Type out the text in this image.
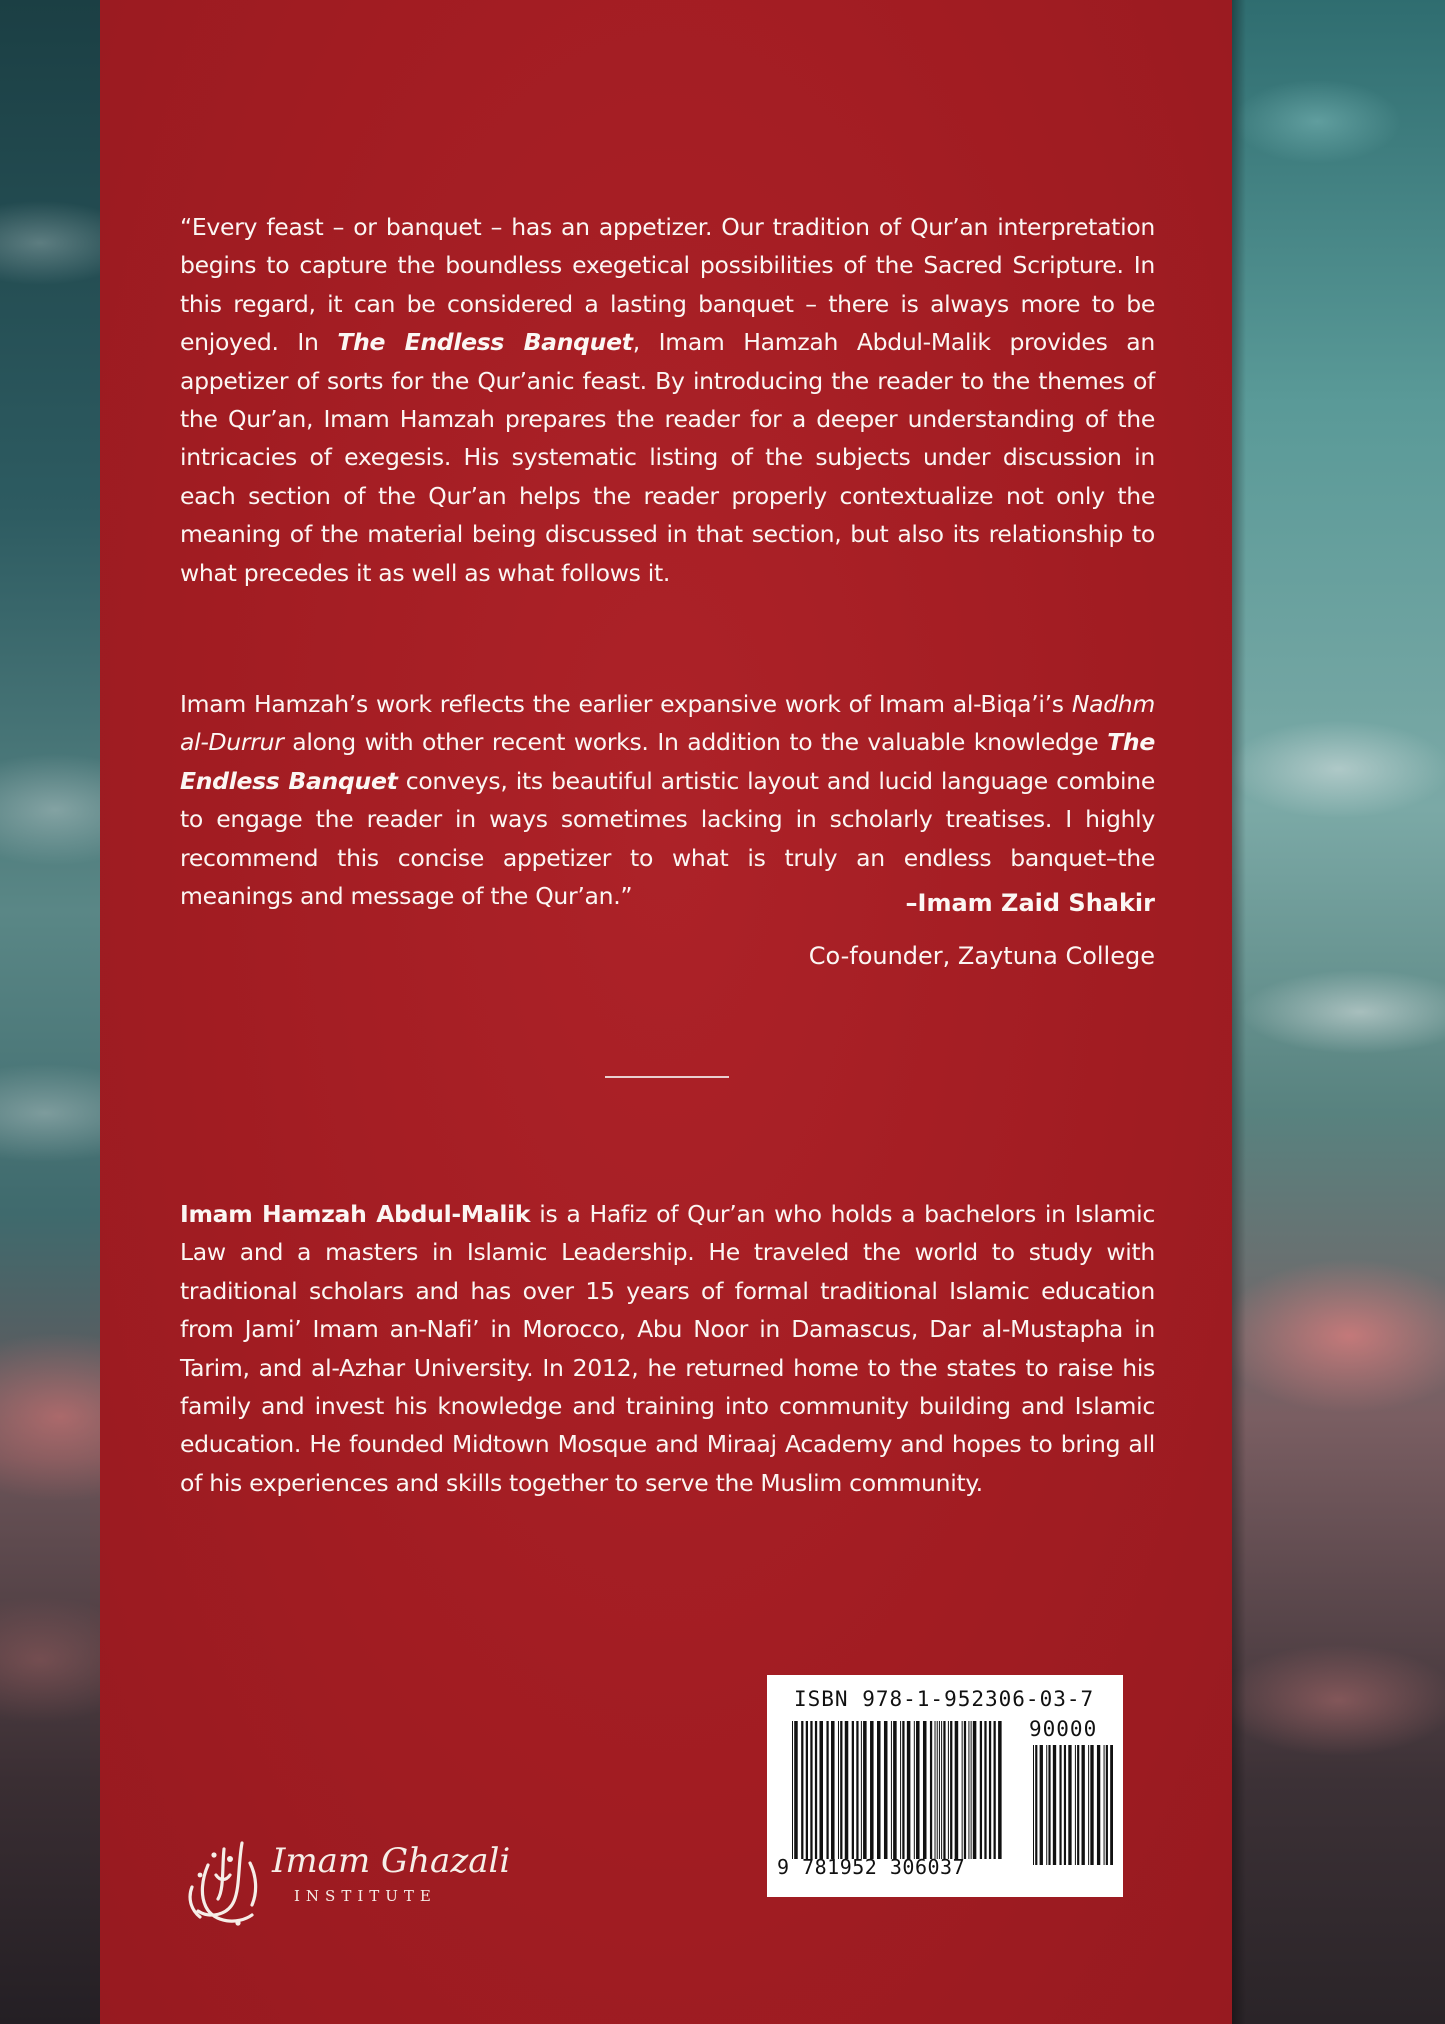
“Every feast – or banquet – has an appetizer. Our tradition of Qur’an interpretation begins to capture the boundless exegetical possibilities of the Sacred Scripture. In this regard, it can be considered a lasting banquet – there is always more to be enjoyed. In The Endless Banquet, Imam Hamzah Abdul-Malik provides an appetizer of sorts for the Qur’anic feast. By introducing the reader to the themes of the Qur’an, Imam Hamzah prepares the reader for a deeper understanding of the intricacies of exegesis. His systematic listing of the subjects under discussion in each section of the Qur’an helps the reader properly contextualize not only the meaning of the material being discussed in that section, but also its relationship to what precedes it as well as what follows it.

Imam Hamzah’s work reflects the earlier expansive work of Imam al-Biqa’i’s Nadhm al-Durrur along with other recent works. In addition to the valuable knowledge The Endless Banquet conveys, its beautiful artistic layout and lucid language combine to engage the reader in ways sometimes lacking in scholarly treatises. I highly recommend this concise appetizer to what is truly an endless banquet–the meanings and message of the Qur’an.”	–Imam Zaid Shakir
Co-founder, Zaytuna College

Imam Hamzah Abdul-Malik is a Hafiz of Qur’an who holds a bachelors in Islamic Law and a masters in Islamic Leadership. He traveled the world to study with traditional scholars and has over 15 years of formal traditional Islamic education from Jami’ Imam an-Nafi’ in Morocco, Abu Noor in Damascus, Dar al-Mustapha in Tarim, and al-Azhar University. In 2012, he returned home to the states to raise his family and invest his knowledge and training into community building and Islamic education. He founded Midtown Mosque and Miraaj Academy and hopes to bring all of his experiences and skills together to serve the Muslim community.

ISBN 978-1-952306-03-7
90000
9 781952 306037
Imam Ghazali
INSTITUTE
